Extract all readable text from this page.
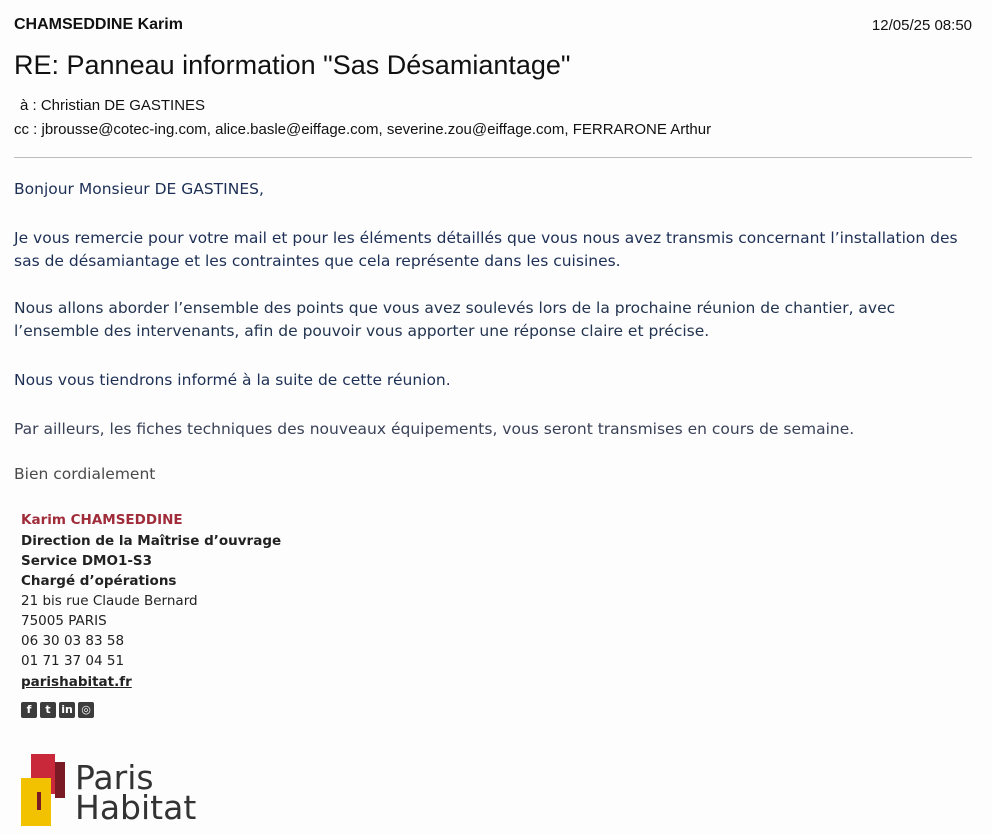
CHAMSEDDINE Karim	12/05/25 08:50
RE: Panneau information "Sas Désamiantage"
à : Christian DE GASTINES
cc : jbrousse@cotec-ing.com, alice.basle@eiffage.com, severine.zou@eiffage.com, FERRARONE Arthur
Bonjour Monsieur DE GASTINES,
Je vous remercie pour votre mail et pour les éléments détaillés que vous nous avez transmis concernant l’installation des sas de désamiantage et les contraintes que cela représente dans les cuisines.
Nous allons aborder l’ensemble des points que vous avez soulevés lors de la prochaine réunion de chantier, avec l’ensemble des intervenants, afin de pouvoir vous apporter une réponse claire et précise.
Nous vous tiendrons informé à la suite de cette réunion.
Par ailleurs, les fiches techniques des nouveaux équipements, vous seront transmises en cours de semaine.
Bien cordialement
Karim CHAMSEDDINE
Direction de la Maîtrise d’ouvrage
Service DMO1-S3
Chargé d’opérations
21 bis rue Claude Bernard
75005 PARIS
06 30 03 83 58
01 71 37 04 51
parishabitat.fr
f	t in ◎
Paris
Habitat
